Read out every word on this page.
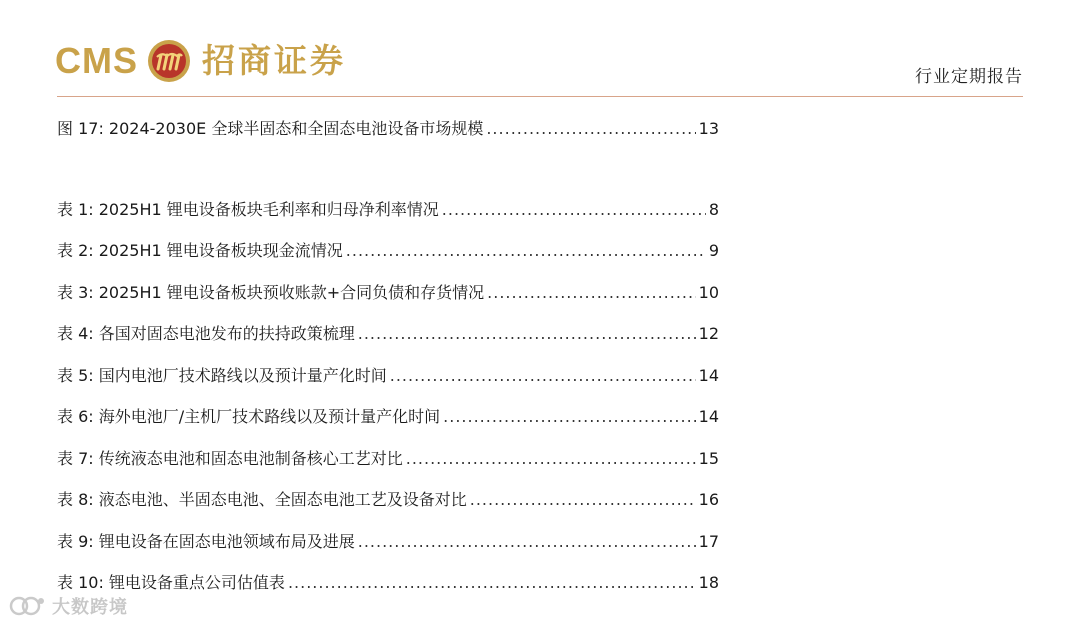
CMS 招商证券	行业定期报告
图 17: 2024-2030E 全球半固态和全固态电池设备市场规模 .....	13
表 1: 2025H1 锂电设备板块毛利率和归母净利率情况 .....	8
表 2: 2025H1 锂电设备板块现金流情况 .....	9
表 3: 2025H1 锂电设备板块预收账款+合同负债和存货情况 .....	10
表 4: 各国对固态电池发布的扶持政策梳理 .....	12
表 5: 国内电池厂技术路线以及预计量产化时间 .....	14
表 6: 海外电池厂/主机厂技术路线以及预计量产化时间 .....	14
表 7: 传统液态电池和固态电池制备核心工艺对比 .....	15
表 8: 液态电池、半固态电池、全固态电池工艺及设备对比 .....	16
表 9: 锂电设备在固态电池领域布局及进展 .....	17
表 10: 锂电设备重点公司估值表 .....	18
大数跨境
